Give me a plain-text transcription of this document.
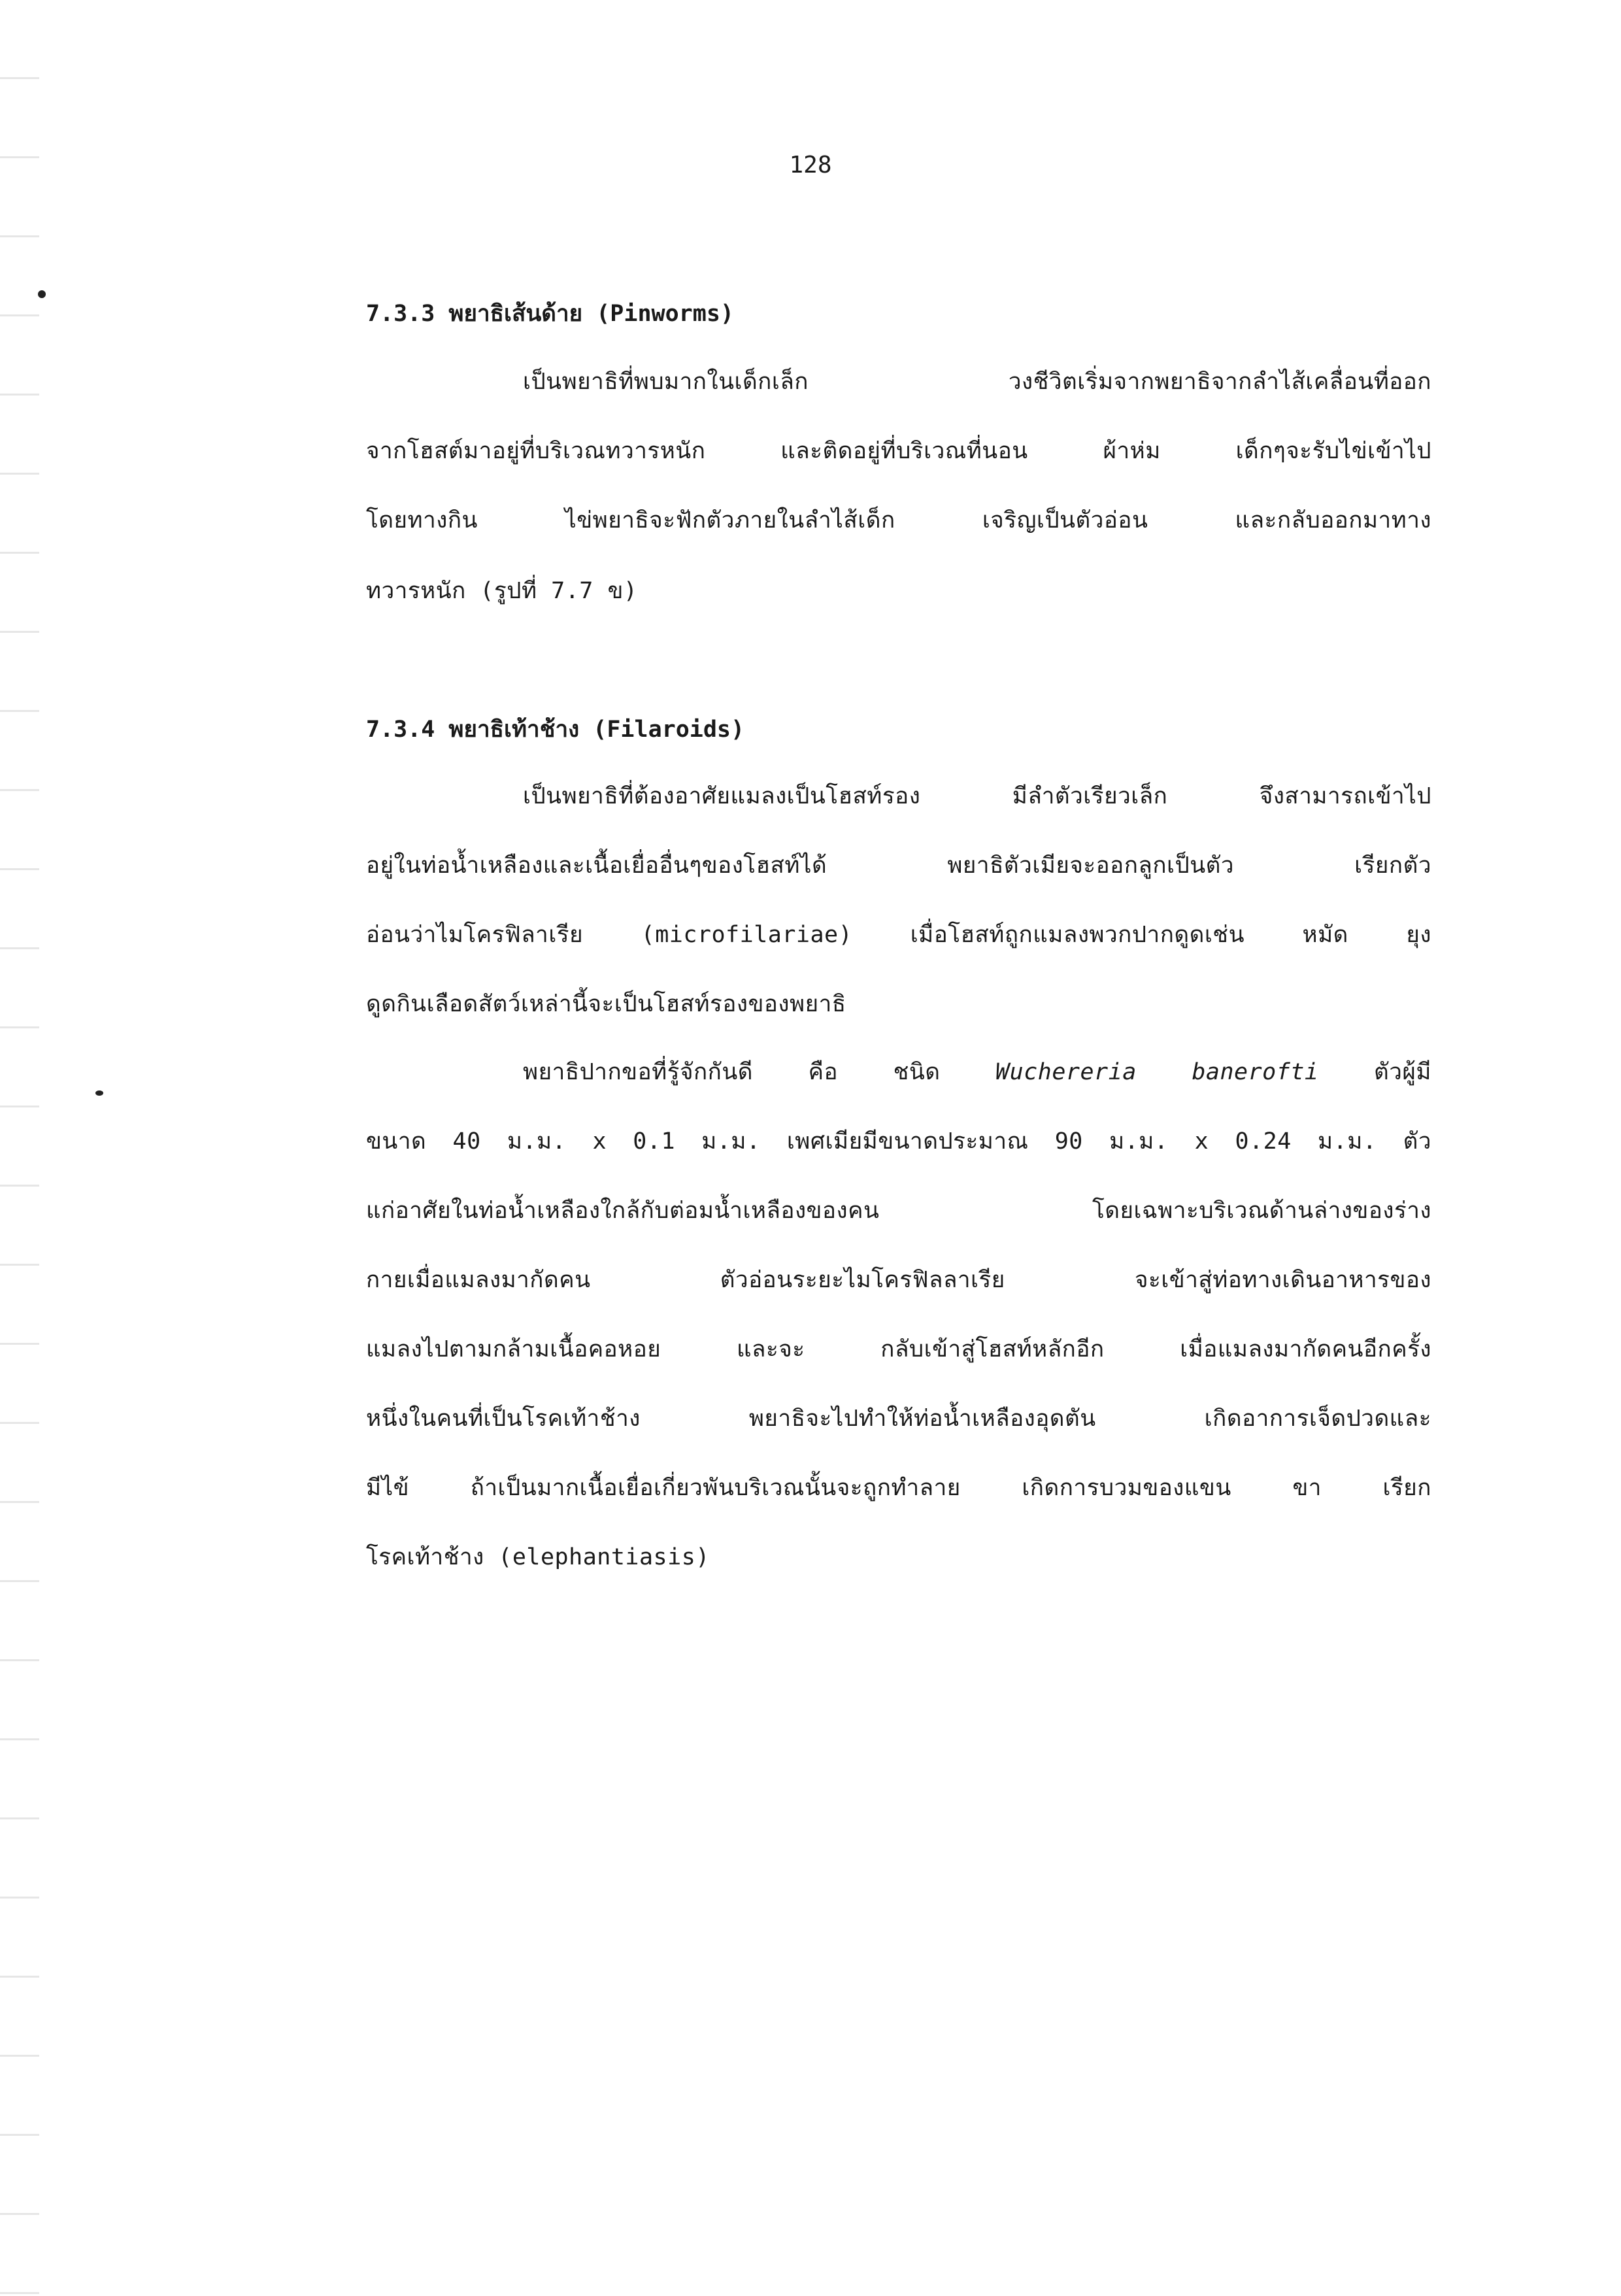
128
7.3.3 พยาธิเส้นด้าย (Pinworms)
เป็นพยาธิที่พบมากในเด็กเล็ก วงชีวิตเริ่มจากพยาธิจากลำไส้เคลื่อนที่ออก
จากโฮสต์มาอยู่ที่บริเวณทวารหนัก และติดอยู่ที่บริเวณที่นอน ผ้าห่ม เด็กๆจะรับไข่เข้าไป
โดยทางกิน ไข่พยาธิจะฟักตัวภายในลำไส้เด็ก เจริญเป็นตัวอ่อน และกลับออกมาทาง
ทวารหนัก (รูปที่ 7.7 ข)
7.3.4 พยาธิเท้าช้าง (Filaroids)
เป็นพยาธิที่ต้องอาศัยแมลงเป็นโฮสท์รอง มีลำตัวเรียวเล็ก จึงสามารถเข้าไป
อยู่ในท่อน้ำเหลืองและเนื้อเยื่ออื่นๆของโฮสท์ได้ พยาธิตัวเมียจะออกลูกเป็นตัว เรียกตัว
อ่อนว่าไมโครฟิลาเรีย (microfilariae) เมื่อโฮสท์ถูกแมลงพวกปากดูดเช่น หมัด ยุง
ดูดกินเลือดสัตว์เหล่านี้จะเป็นโฮสท์รองของพยาธิ
พยาธิปากขอที่รู้จักกันดี คือ ชนิด Wuchereria banerofti ตัวผู้มี
ขนาด 40 ม.ม. x 0.1 ม.ม. เพศเมียมีขนาดประมาณ 90 ม.ม. x 0.24 ม.ม. ตัว
แก่อาศัยในท่อน้ำเหลืองใกล้กับต่อมน้ำเหลืองของคน โดยเฉพาะบริเวณด้านล่างของร่าง
กายเมื่อแมลงมากัดคน ตัวอ่อนระยะไมโครฟิลลาเรีย จะเข้าสู่ท่อทางเดินอาหารของ
แมลงไปตามกล้ามเนื้อคอหอย และจะ กลับเข้าสู่โฮสท์หลักอีก เมื่อแมลงมากัดคนอีกครั้ง
หนึ่งในคนที่เป็นโรคเท้าช้าง พยาธิจะไปทำให้ท่อน้ำเหลืองอุดตัน เกิดอาการเจ็ดปวดและ
มีไข้ ถ้าเป็นมากเนื้อเยื่อเกี่ยวพันบริเวณนั้นจะถูกทำลาย เกิดการบวมของแขน ขา เรียก
โรคเท้าช้าง (elephantiasis)
